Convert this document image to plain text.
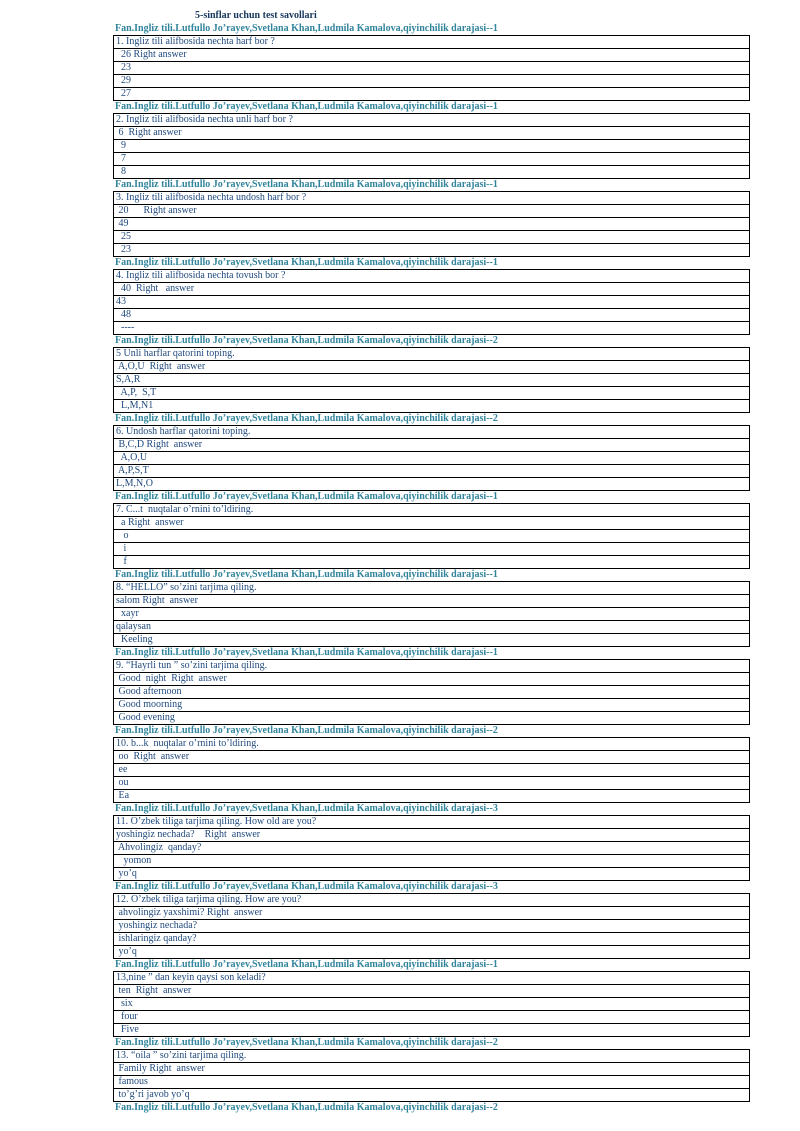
5-sinflar uchun test savollari
Fan.Ingliz tili.Lutfullo Jo’rayev,Svetlana Khan,Ludmila Kamalova,qiyinchilik darajasi--1
1. Ingliz tili alifbosida nechta harf bor ?
26 Right answer
23
29
27
Fan.Ingliz tili.Lutfullo Jo’rayev,Svetlana Khan,Ludmila Kamalova,qiyinchilik darajasi--1
2. Ingliz tili alifbosida nechta unli harf bor ?
6  Right answer
9
7
8
Fan.Ingliz tili.Lutfullo Jo’rayev,Svetlana Khan,Ludmila Kamalova,qiyinchilik darajasi--1
3. Ingliz tili alifbosida nechta undosh harf bor ?
20      Right answer
49
25
23
Fan.Ingliz tili.Lutfullo Jo’rayev,Svetlana Khan,Ludmila Kamalova,qiyinchilik darajasi--1
4. Ingliz tili alifbosida nechta tovush bor ?
40  Right   answer
43
48
----
Fan.Ingliz tili.Lutfullo Jo’rayev,Svetlana Khan,Ludmila Kamalova,qiyinchilik darajasi--2
5 Unli harflar qatorini toping.
A,O,U  Right  answer
S,A,R
A,P,  S,T
L,M,N1
Fan.Ingliz tili.Lutfullo Jo’rayev,Svetlana Khan,Ludmila Kamalova,qiyinchilik darajasi--2
6. Undosh harflar qatorini toping.
B,C,D Right  answer
A,O,U
A,P,S,T
L,M,N,O
Fan.Ingliz tili.Lutfullo Jo’rayev,Svetlana Khan,Ludmila Kamalova,qiyinchilik darajasi--1
7. C...t  nuqtalar o’rnini to’ldiring.
a Right  answer
o
i
f
Fan.Ingliz tili.Lutfullo Jo’rayev,Svetlana Khan,Ludmila Kamalova,qiyinchilik darajasi--1
8. “HELLO” so’zini tarjima qiling.
salom Right  answer
xayr
qalaysan
Keeling
Fan.Ingliz tili.Lutfullo Jo’rayev,Svetlana Khan,Ludmila Kamalova,qiyinchilik darajasi--1
9. “Hayrli tun ” so’zini tarjima qiling.
Good  night  Right  answer
Good afternoon
Good moorning
Good evening
Fan.Ingliz tili.Lutfullo Jo’rayev,Svetlana Khan,Ludmila Kamalova,qiyinchilik darajasi--2
10. b...k  nuqtalar o’rnini to’ldiring.
oo  Right  answer
ee
ou
Ea
Fan.Ingliz tili.Lutfullo Jo’rayev,Svetlana Khan,Ludmila Kamalova,qiyinchilik darajasi--3
11. O’zbek tiliga tarjima qiling. How old are you?
yoshingiz nechada?    Right  answer
Ahvolingiz  qanday?
yomon
yo’q
Fan.Ingliz tili.Lutfullo Jo’rayev,Svetlana Khan,Ludmila Kamalova,qiyinchilik darajasi--3
12. O’zbek tiliga tarjima qiling. How are you?
ahvolingiz yaxshimi? Right  answer
yoshingiz nechada?
ishlaringiz qanday?
yo’q
Fan.Ingliz tili.Lutfullo Jo’rayev,Svetlana Khan,Ludmila Kamalova,qiyinchilik darajasi--1
13,nine ” dan keyin qaysi son keladi?
ten  Right  answer
six
four
Five
Fan.Ingliz tili.Lutfullo Jo’rayev,Svetlana Khan,Ludmila Kamalova,qiyinchilik darajasi--2
13. “oila ” so’zini tarjima qiling.
Family Right  answer
famous
to’g’ri javob yo’q
Fan.Ingliz tili.Lutfullo Jo’rayev,Svetlana Khan,Ludmila Kamalova,qiyinchilik darajasi--2
